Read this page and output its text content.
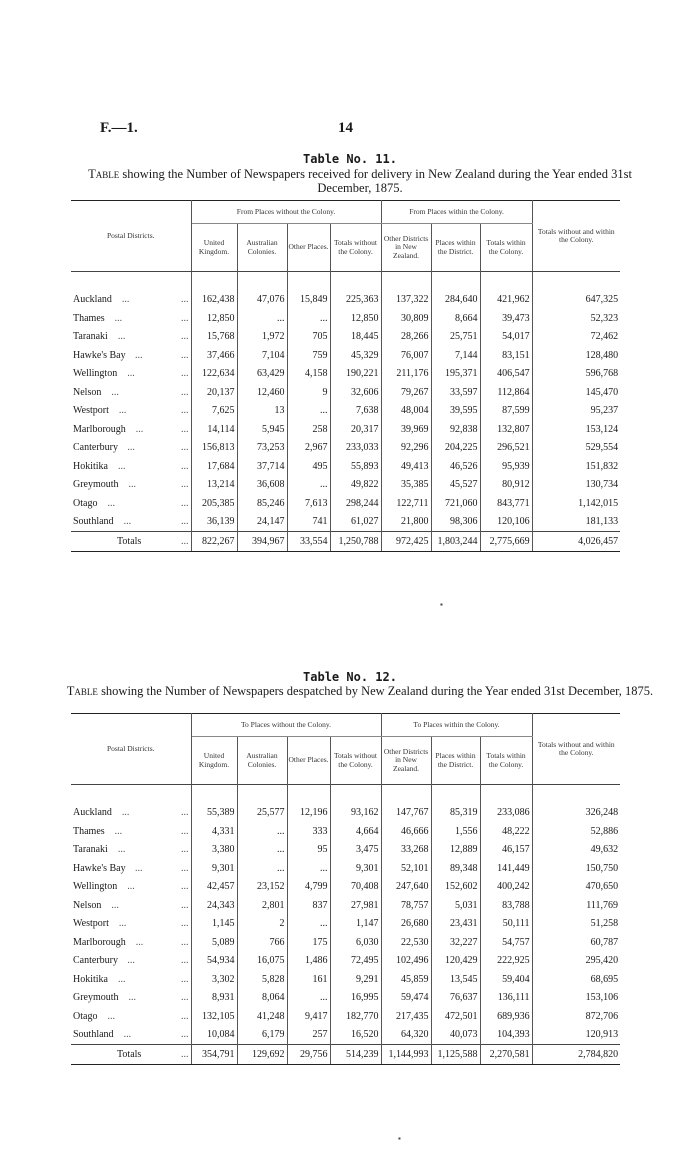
F.—1.	14
Table No. 11.
Table showing the Number of Newspapers received for delivery in New Zealand during the Year ended 31st December, 1875.
Postal Districts.	From Places without the Colony.				From Places within the Colony.			Totals without and within the Colony.
	United Kingdom.	Australian Colonies.	Other Places.	Totals without the Colony.	Other Districts in New Zealand.	Places within the District.	Totals within the Colony.	

Auckland ... ...	162,438	47,076	15,849	225,363	137,322	284,640	421,962	647,325
Thames ... ...	12,850	...	...	12,850	30,809	8,664	39,473	52,323
Taranaki ... ...	15,768	1,972	705	18,445	28,266	25,751	54,017	72,462
Hawke's Bay ... ...	37,466	7,104	759	45,329	76,007	7,144	83,151	128,480
Wellington ... ...	122,634	63,429	4,158	190,221	211,176	195,371	406,547	596,768
Nelson ... ...	20,137	12,460	9	32,606	79,267	33,597	112,864	145,470
Westport ... ...	7,625	13	...	7,638	48,004	39,595	87,599	95,237
Marlborough ... ...	14,114	5,945	258	20,317	39,969	92,838	132,807	153,124
Canterbury ... ...	156,813	73,253	2,967	233,033	92,296	204,225	296,521	529,554
Hokitika ... ...	17,684	37,714	495	55,893	49,413	46,526	95,939	151,832
Greymouth ... ...	13,214	36,608	...	49,822	35,385	45,527	80,912	130,734
Otago ... ...	205,385	85,246	7,613	298,244	122,711	721,060	843,771	1,142,015
Southland ... ...	36,139	24,147	741	61,027	21,800	98,306	120,106	181,133
Totals ...	822,267	394,967	33,554	1,250,788	972,425	1,803,244	2,775,669	4,026,457
▪
Table No. 12.
Table showing the Number of Newspapers despatched by New Zealand during the Year ended 31st December, 1875.
Postal Districts.	To Places without the Colony.				To Places within the Colony.			Totals without and within the Colony.
	United Kingdom.	Australian Colonies.	Other Places.	Totals without the Colony.	Other Districts in New Zealand.	Places within the District.	Totals within the Colony.	

Auckland ... ...	55,389	25,577	12,196	93,162	147,767	85,319	233,086	326,248
Thames ... ...	4,331	...	333	4,664	46,666	1,556	48,222	52,886
Taranaki ... ...	3,380	...	95	3,475	33,268	12,889	46,157	49,632
Hawke's Bay ... ...	9,301	...	...	9,301	52,101	89,348	141,449	150,750
Wellington ... ...	42,457	23,152	4,799	70,408	247,640	152,602	400,242	470,650
Nelson ... ...	24,343	2,801	837	27,981	78,757	5,031	83,788	111,769
Westport ... ...	1,145	2	...	1,147	26,680	23,431	50,111	51,258
Marlborough ... ...	5,089	766	175	6,030	22,530	32,227	54,757	60,787
Canterbury ... ...	54,934	16,075	1,486	72,495	102,496	120,429	222,925	295,420
Hokitika ... ...	3,302	5,828	161	9,291	45,859	13,545	59,404	68,695
Greymouth ... ...	8,931	8,064	...	16,995	59,474	76,637	136,111	153,106
Otago ... ...	132,105	41,248	9,417	182,770	217,435	472,501	689,936	872,706
Southland ... ...	10,084	6,179	257	16,520	64,320	40,073	104,393	120,913
Totals ...	354,791	129,692	29,756	514,239	1,144,993	1,125,588	2,270,581	2,784,820
▪
